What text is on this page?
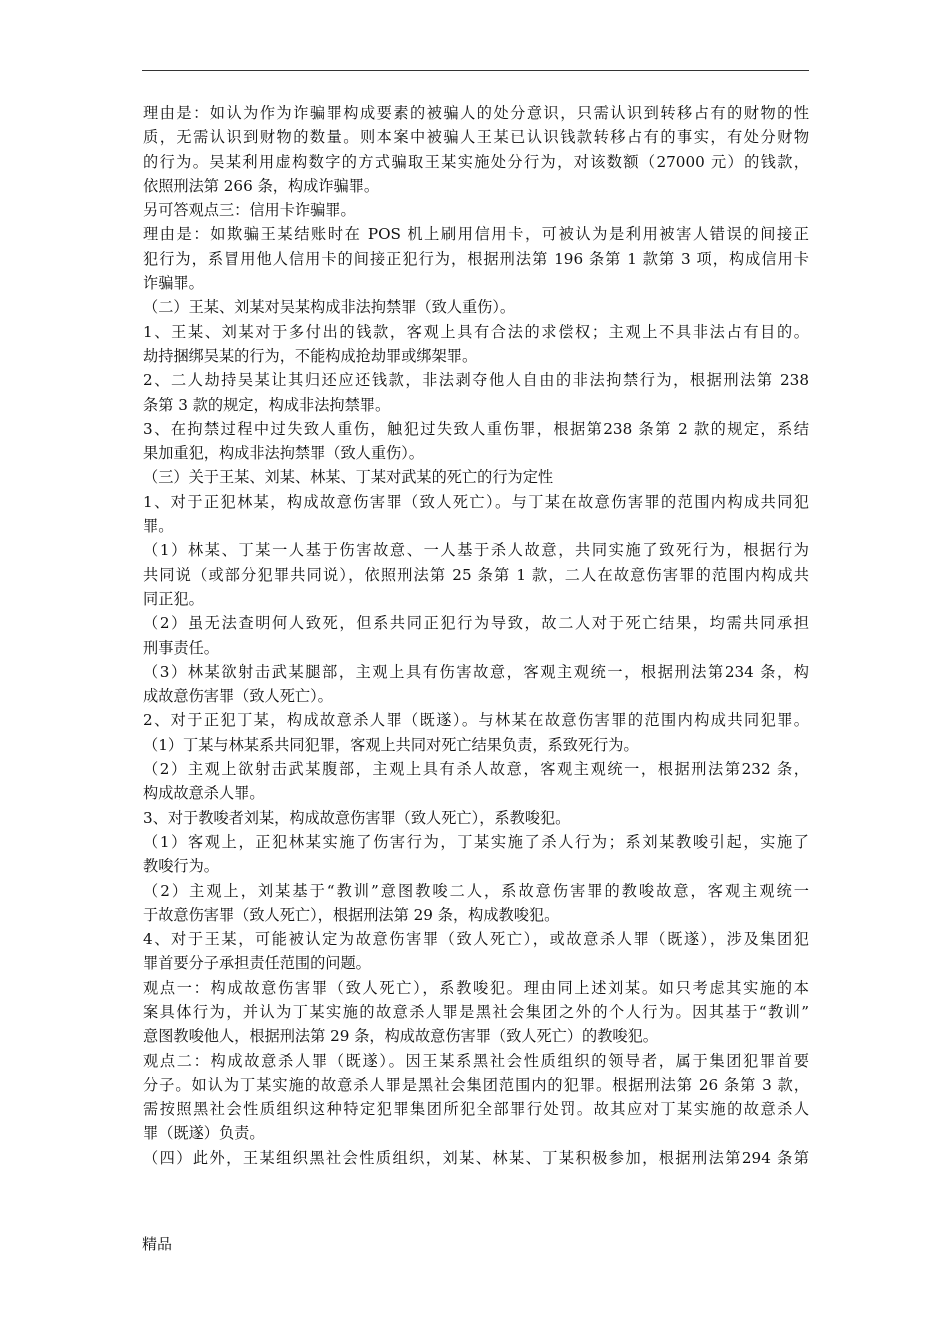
理由是：如认为作为诈骗罪构成要素的被骗人的处分意识，只需认识到转移占有的财物的性
质，无需认识到财物的数量。则本案中被骗人王某已认识钱款转移占有的事实，有处分财物
的行为。吴某利用虚构数字的方式骗取王某实施处分行为，对该数额（27000 元）的钱款，
依照刑法第 266 条，构成诈骗罪。
另可答观点三：信用卡诈骗罪。
理由是：如欺骗王某结账时在 POS 机上刷用信用卡，可被认为是利用被害人错误的间接正
犯行为，系冒用他人信用卡的间接正犯行为，根据刑法第 196 条第 1 款第 3 项，构成信用卡
诈骗罪。
（二）王某、刘某对吴某构成非法拘禁罪（致人重伤）。
1、王某、刘某对于多付出的钱款，客观上具有合法的求偿权；主观上不具非法占有目的。
劫持捆绑吴某的行为，不能构成抢劫罪或绑架罪。
2、二人劫持吴某让其归还应还钱款，非法剥夺他人自由的非法拘禁行为，根据刑法第 238
条第 3 款的规定，构成非法拘禁罪。
3、在拘禁过程中过失致人重伤，触犯过失致人重伤罪，根据第238 条第 2 款的规定，系结
果加重犯，构成非法拘禁罪（致人重伤）。
（三）关于王某、刘某、林某、丁某对武某的死亡的行为定性
1、对于正犯林某，构成故意伤害罪（致人死亡）。与丁某在故意伤害罪的范围内构成共同犯
罪。
（1）林某、丁某一人基于伤害故意、一人基于杀人故意，共同实施了致死行为，根据行为
共同说（或部分犯罪共同说），依照刑法第 25 条第 1 款，二人在故意伤害罪的范围内构成共
同正犯。
（2）虽无法查明何人致死，但系共同正犯行为导致，故二人对于死亡结果，均需共同承担
刑事责任。
（3）林某欲射击武某腿部，主观上具有伤害故意，客观主观统一，根据刑法第234 条，构
成故意伤害罪（致人死亡）。
2、对于正犯丁某，构成故意杀人罪（既遂）。与林某在故意伤害罪的范围内构成共同犯罪。
（1）丁某与林某系共同犯罪，客观上共同对死亡结果负责，系致死行为。
（2）主观上欲射击武某腹部，主观上具有杀人故意，客观主观统一，根据刑法第232 条，
构成故意杀人罪。
3、对于教唆者刘某，构成故意伤害罪（致人死亡），系教唆犯。
（1）客观上，正犯林某实施了伤害行为，丁某实施了杀人行为；系刘某教唆引起，实施了
教唆行为。
（2）主观上，刘某基于“教训”意图教唆二人，系故意伤害罪的教唆故意，客观主观统一
于故意伤害罪（致人死亡），根据刑法第 29 条，构成教唆犯。
4、对于王某，可能被认定为故意伤害罪（致人死亡），或故意杀人罪（既遂），涉及集团犯
罪首要分子承担责任范围的问题。
观点一：构成故意伤害罪（致人死亡），系教唆犯。理由同上述刘某。如只考虑其实施的本
案具体行为，并认为丁某实施的故意杀人罪是黑社会集团之外的个人行为。因其基于“教训”
意图教唆他人，根据刑法第 29 条，构成故意伤害罪（致人死亡）的教唆犯。
观点二：构成故意杀人罪（既遂）。因王某系黑社会性质组织的领导者，属于集团犯罪首要
分子。如认为丁某实施的故意杀人罪是黑社会集团范围内的犯罪。根据刑法第 26 条第 3 款，
需按照黑社会性质组织这种特定犯罪集团所犯全部罪行处罚。故其应对丁某实施的故意杀人
罪（既遂）负责。
（四）此外，王某组织黑社会性质组织，刘某、林某、丁某积极参加，根据刑法第294 条第
精品
